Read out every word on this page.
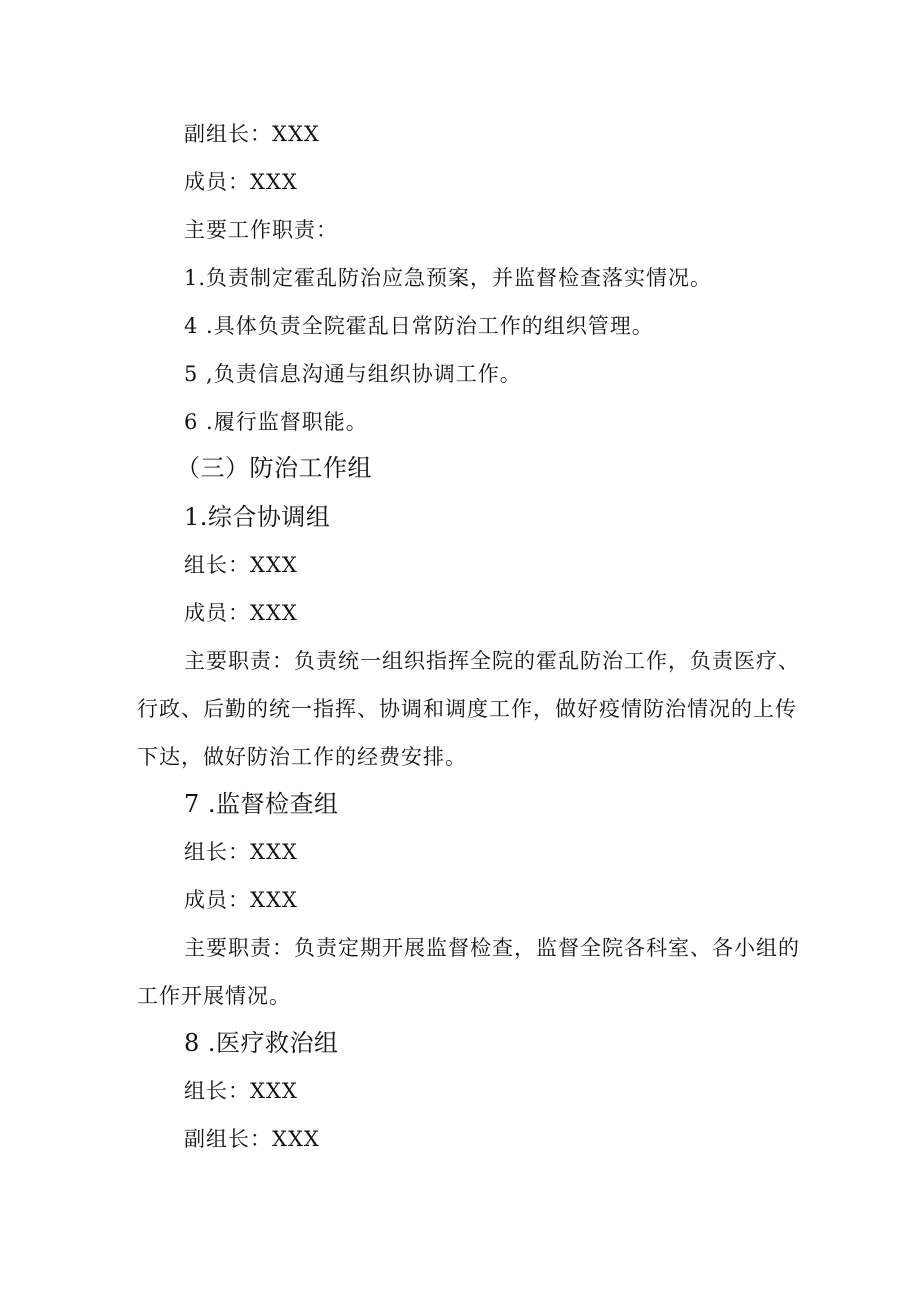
副组长：XXX
成员：XXX
主要工作职责：
1.负责制定霍乱防治应急预案，并监督检查落实情况。
4 .具体负责全院霍乱日常防治工作的组织管理。
5 ,负责信息沟通与组织协调工作。
6 .履行监督职能。
（三）防治工作组
1.综合协调组
组长：XXX
成员：XXX
主要职责：负责统一组织指挥全院的霍乱防治工作，负责医疗、
行政、后勤的统一指挥、协调和调度工作，做好疫情防治情况的上传
下达，做好防治工作的经费安排。
7 .监督检查组
组长：XXX
成员：XXX
主要职责：负责定期开展监督检查，监督全院各科室、各小组的
工作开展情况。
8 .医疗救治组
组长：XXX
副组长：XXX
